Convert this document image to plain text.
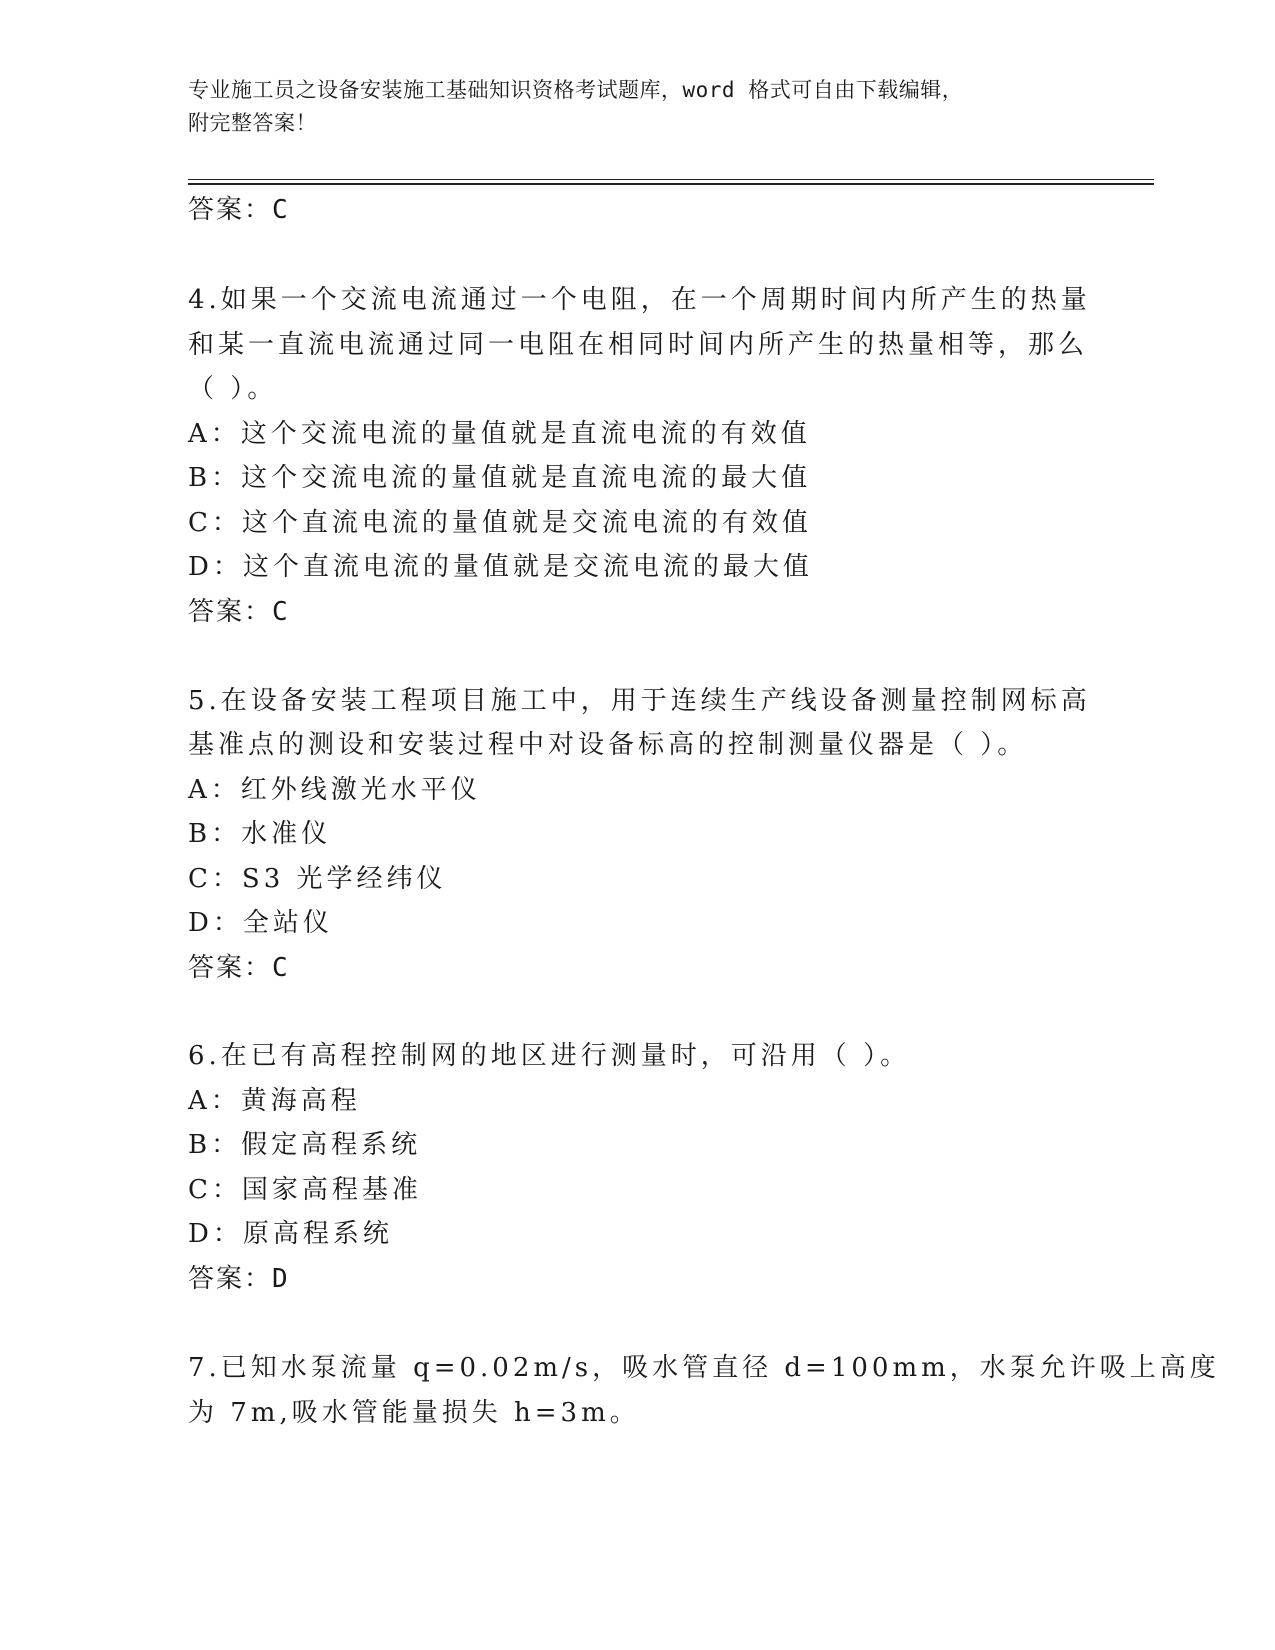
专业施工员之设备安装施工基础知识资格考试题库，word 格式可自由下载编辑，
附完整答案！
答案：C
4.如果一个交流电流通过一个电阻，在一个周期时间内所产生的热量
和某一直流电流通过同一电阻在相同时间内所产生的热量相等，那么
（ ）。
A：这个交流电流的量值就是直流电流的有效值
B：这个交流电流的量值就是直流电流的最大值
C：这个直流电流的量值就是交流电流的有效值
D：这个直流电流的量值就是交流电流的最大值
答案：C
5.在设备安装工程项目施工中，用于连续生产线设备测量控制网标高
基准点的测设和安装过程中对设备标高的控制测量仪器是（ ）。
A：红外线激光水平仪
B：水准仪
C：S3 光学经纬仪
D：全站仪
答案：C
6.在已有高程控制网的地区进行测量时，可沿用（ ）。
A：黄海高程
B：假定高程系统
C：国家高程基准
D：原高程系统
答案：D
7.已知水泵流量 q=0.02m/s，吸水管直径 d=100mm，水泵允许吸上高度
为 7m,吸水管能量损失 h=3m。
